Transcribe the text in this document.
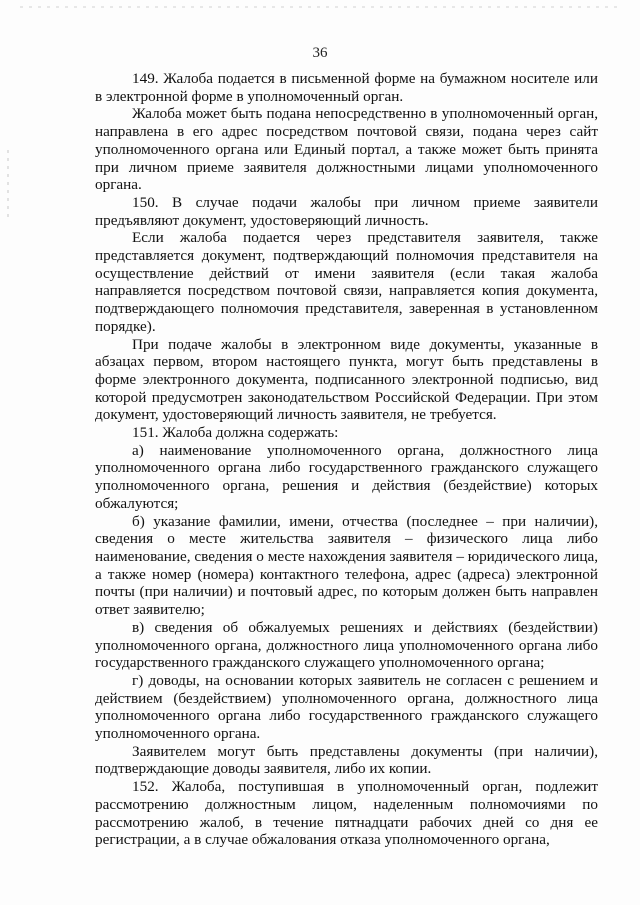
36

149. Жалоба подается в письменной форме на бумажном носителе или в электронной форме в уполномоченный орган.

Жалоба может быть подана непосредственно в уполномоченный орган, направлена в его адрес посредством почтовой связи, подана через сайт уполномоченного органа или Единый портал, а также может быть принята при личном приеме заявителя должностными лицами уполномоченного органа.

150. В случае подачи жалобы при личном приеме заявители предъявляют документ, удостоверяющий личность.

Если жалоба подается через представителя заявителя, также представляется документ, подтверждающий полномочия представителя на осуществление действий от имени заявителя (если такая жалоба направляется посредством почтовой связи, направляется копия документа, подтверждающего полномочия представителя, заверенная в установленном порядке).

При подаче жалобы в электронном виде документы, указанные в абзацах первом, втором настоящего пункта, могут быть представлены в форме электронного документа, подписанного электронной подписью, вид которой предусмотрен законодательством Российской Федерации. При этом документ, удостоверяющий личность заявителя, не требуется.

151. Жалоба должна содержать:

а) наименование уполномоченного органа, должностного лица уполномоченного органа либо государственного гражданского служащего уполномоченного органа, решения и действия (бездействие) которых обжалуются;

б) указание фамилии, имени, отчества (последнее – при наличии), сведения о месте жительства заявителя – физического лица либо наименование, сведения о месте нахождения заявителя – юридического лица, а также номер (номера) контактного телефона, адрес (адреса) электронной почты (при наличии) и почтовый адрес, по которым должен быть направлен ответ заявителю;

в) сведения об обжалуемых решениях и действиях (бездействии) уполномоченного органа, должностного лица уполномоченного органа либо государственного гражданского служащего уполномоченного органа;

г) доводы, на основании которых заявитель не согласен с решением и действием (бездействием) уполномоченного органа, должностного лица уполномоченного органа либо государственного гражданского служащего уполномоченного органа.

Заявителем могут быть представлены документы (при наличии), подтверждающие доводы заявителя, либо их копии.

152. Жалоба, поступившая в уполномоченный орган, подлежит рассмотрению должностным лицом, наделенным полномочиями по рассмотрению жалоб, в течение пятнадцати рабочих дней со дня ее регистрации, а в случае обжалования отказа уполномоченного органа,
